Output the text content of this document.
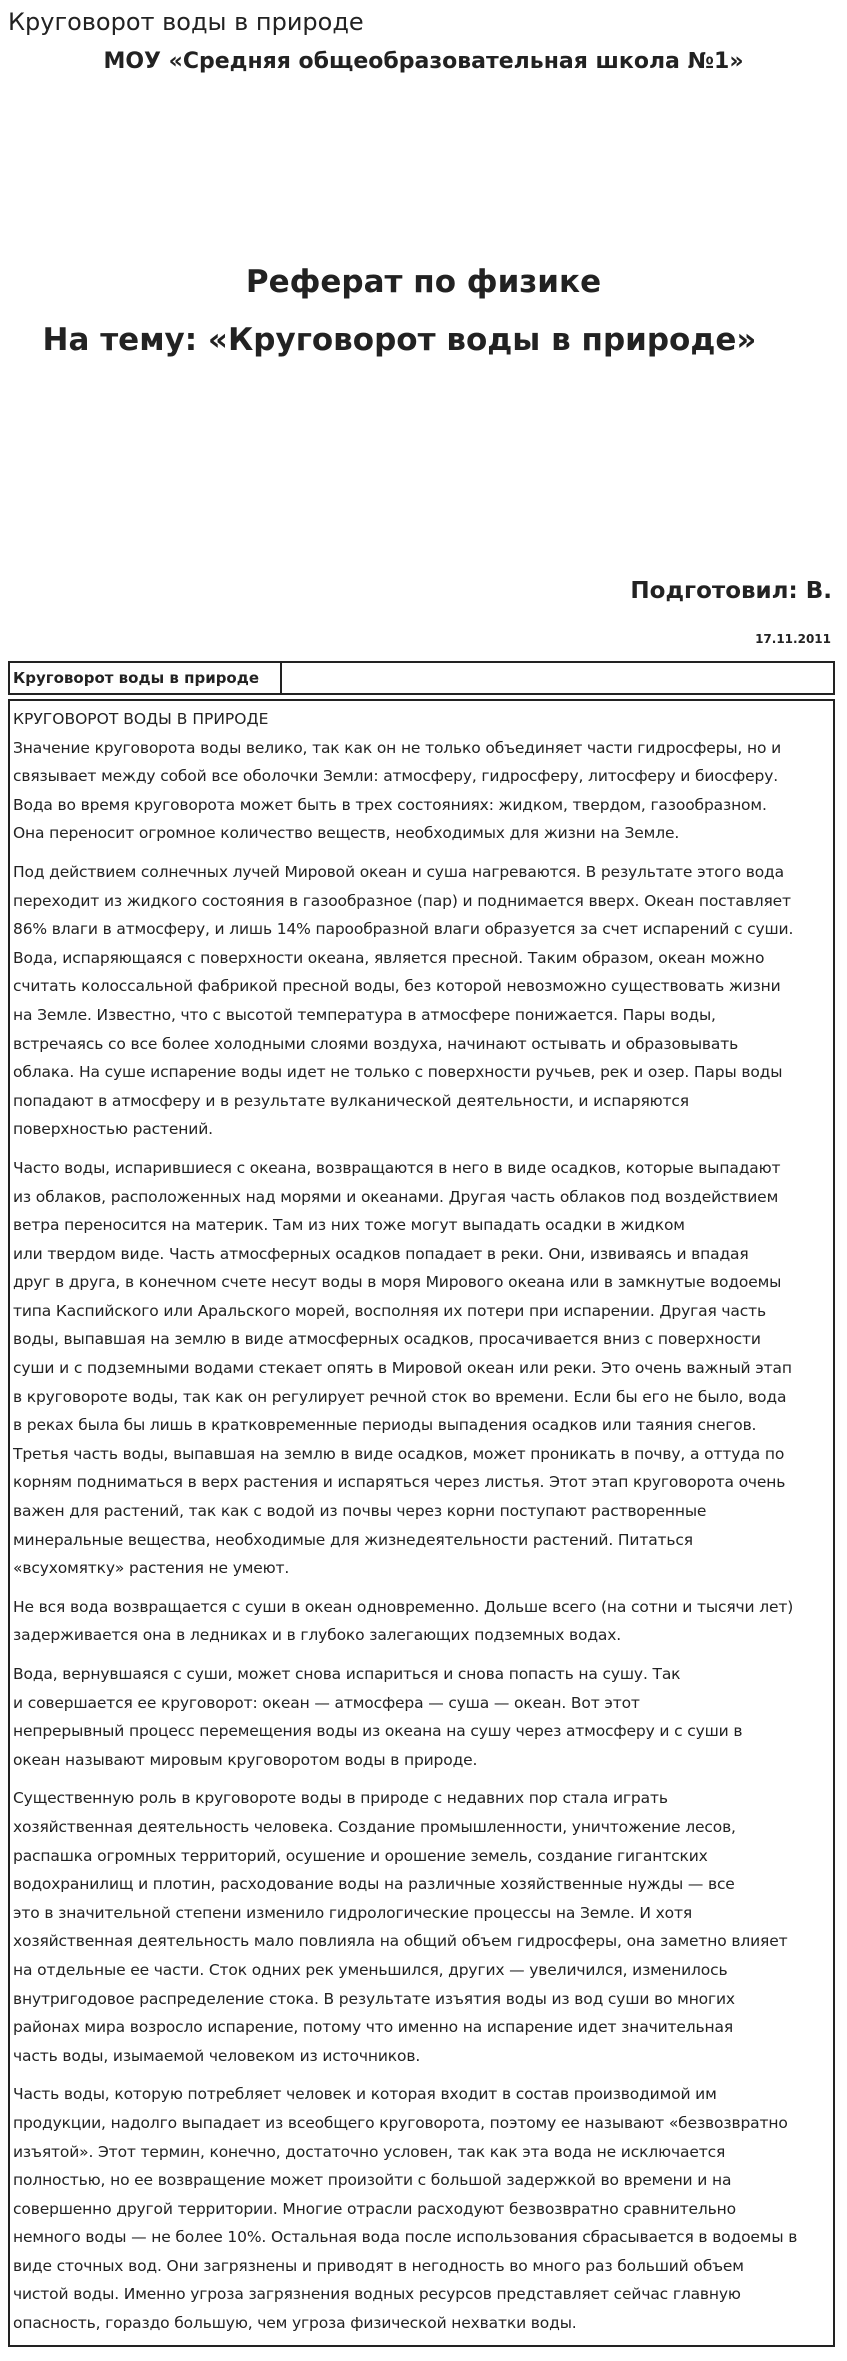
Круговорот воды в природе
МОУ «Средняя общеобразовательная школа №1»
Реферат по физике
На тему: «Круговорот воды в природе»
Подготовил: В.
17.11.2011
Круговорот воды в природе
КРУГОВОРОТ ВОДЫ В ПРИРОДЕ

Значение круговорота воды велико, так как он не только объединяет части гидросферы, но и
связывает между собой все оболочки Земли: атмосферу, гидросферу, литосферу и биосферу.
Вода во время круговорота может быть в трех состояниях: жидком, твердом, газообразном.
Она переносит огромное количество веществ, необходимых для жизни на Земле.

Под действием солнечных лучей Мировой океан и суша нагреваются. В результате этого вода
переходит из жидкого состояния в газообразное (пар) и поднимается вверх. Океан поставляет
86% влаги в атмосферу, и лишь 14% парообразной влаги образуется за счет испарений с суши.
Вода, испаряющаяся с поверхности океана, является пресной. Таким образом, океан можно
считать колоссальной фабрикой пресной воды, без которой невозможно существовать жизни
на Земле. Известно, что с высотой температура в атмосфере понижается. Пары воды,
встречаясь со все более холодными слоями воздуха, начинают остывать и образовывать
облака. На суше испарение воды идет не только с поверхности ручьев, рек и озер. Пары воды
попадают в атмосферу и в результате вулканической деятельности, и испаряются
поверхностью растений.

Часто воды, испарившиеся с океана, возвращаются в него в виде осадков, которые выпадают
из облаков, расположенных над морями и океанами. Другая часть облаков под воздействием
ветра переносится на материк. Там из них тоже могут выпадать осадки в жидком
или твердом виде. Часть атмосферных осадков попадает в реки. Они, извиваясь и впадая
друг в друга, в конечном счете несут воды в моря Мирового океана или в замкнутые водоемы
типа Каспийского или Аральского морей, восполняя их потери при испарении. Другая часть
воды, выпавшая на землю в виде атмосферных осадков, просачивается вниз с поверхности
суши и с подземными водами стекает опять в Мировой океан или реки. Это очень важный этап
в круговороте воды, так как он регулирует речной сток во времени. Если бы его не было, вода
в реках была бы лишь в кратковременные периоды выпадения осадков или таяния снегов.
Третья часть воды, выпавшая на землю в виде осадков, может проникать в почву, а оттуда по
корням подниматься в верх растения и испаряться через листья. Этот этап круговорота очень
важен для растений, так как с водой из почвы через корни поступают растворенные
минеральные вещества, необходимые для жизнедеятельности растений. Питаться
«всухомятку» растения не умеют.

Не вся вода возвращается с суши в океан одновременно. Дольше всего (на сотни и тысячи лет)
задерживается она в ледниках и в глубоко залегающих подземных водах.

Вода, вернувшаяся с суши, может снова испариться и снова попасть на сушу. Так
и совершается ее круговорот: океан — атмосфера — суша — океан. Вот этот
непрерывный процесс перемещения воды из океана на сушу через атмосферу и с суши в
океан называют мировым круговоротом воды в природе.

Существенную роль в круговороте воды в природе с недавних пор стала играть
хозяйственная деятельность человека. Создание промышленности, уничтожение лесов,
распашка огромных территорий, осушение и орошение земель, создание гигантских
водохранилищ и плотин, расходование воды на различные хозяйственные нужды — все
это в значительной степени изменило гидрологические процессы на Земле. И хотя
хозяйственная деятельность мало повлияла на общий объем гидросферы, она заметно влияет
на отдельные ее части. Сток одних рек уменьшился, других — увеличился, изменилось
внутригодовое распределение стока. В результате изъятия воды из вод суши во многих
районах мира возросло испарение, потому что именно на испарение идет значительная
часть воды, изымаемой человеком из источников.

Часть воды, которую потребляет человек и которая входит в состав производимой им
продукции, надолго выпадает из всеобщего круговорота, поэтому ее называют «безвозвратно
изъятой». Этот термин, конечно, достаточно условен, так как эта вода не исключается
полностью, но ее возвращение может произойти с большой задержкой во времени и на
совершенно другой территории. Многие отрасли расходуют безвозвратно сравнительно
немного воды — не более 10%. Остальная вода после использования сбрасывается в водоемы в
виде сточных вод. Они загрязнены и приводят в негодность во много раз больший объем
чистой воды. Именно угроза загрязнения водных ресурсов представляет сейчас главную
опасность, гораздо большую, чем угроза физической нехватки воды.
